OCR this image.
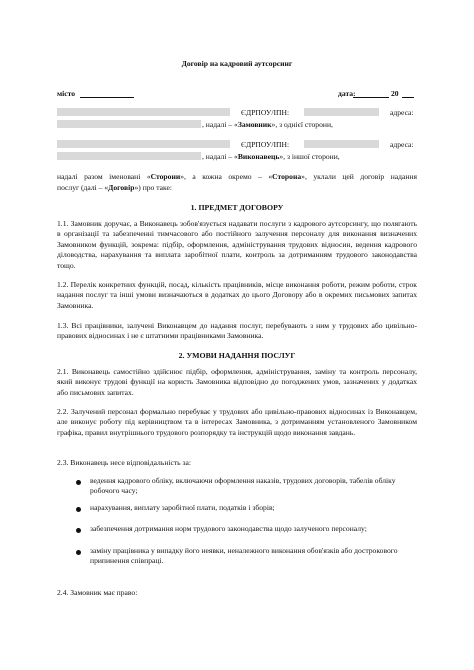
Договір на кадровий аутсорсинг
місто	дата:	20
ЄДРПОУ/ІПН:	адреса:
, надалі – «Замовник», з однієї сторони,
ЄДРПОУ/ІПН:	адреса:
, надалі – «Виконавець», з іншої сторони,
надалі разом іменовані «Сторони», а кожна окремо – «Сторона», уклали цей договір надання
послуг (далі – «Договір») про таке:
1. ПРЕДМЕТ ДОГОВОРУ
1.1. Замовник доручає, а Виконавець зобов'язується надавати послуги з кадрового аутсорсингу, що полягають в організації та забезпеченні тимчасового або постійного залучення персоналу для виконання визначених Замовником функцій, зокрема: підбір, оформлення, адміністрування трудових відносин, ведення кадрового діловодства, нарахування та виплата заробітної плати, контроль за дотриманням трудового законодавства тощо.
1.2. Перелік конкретних функцій, посад, кількість працівників, місце виконання роботи, режим роботи, строк надання послуг та інші умови визначаються в додатках до цього Договору або в окремих письмових запитах Замовника.
1.3. Всі працівники, залучені Виконавцем до надання послуг, перебувають з ним у трудових або цивільно-правових відносинах і не є штатними працівниками Замовника.
2. УМОВИ НАДАННЯ ПОСЛУГ
2.1. Виконавець самостійно здійснює підбір, оформлення, адміністрування, заміну та контроль персоналу, який виконує трудові функції на користь Замовника відповідно до погоджених умов, зазначених у додатках або письмових запитах.
2.2. Залучений персонал формально перебуває у трудових або цивільно-правових відносинах із Виконавцем, але виконує роботу під керівництвом та в інтересах Замовника, з дотриманням установленого Замовником графіка, правил внутрішнього трудового розпорядку та інструкцій щодо виконання завдань.
2.3. Виконавець несе відповідальність за:
ведення кадрового обліку, включаючи оформлення наказів, трудових договорів, табелів обліку робочого часу;
нарахування, виплату заробітної плати, податків і зборів;
забезпечення дотримання норм трудового законодавства щодо залученого персоналу;
заміну працівника у випадку його неявки, неналежного виконання обов'язків або дострокового припинення співпраці.
2.4. Замовник має право:
